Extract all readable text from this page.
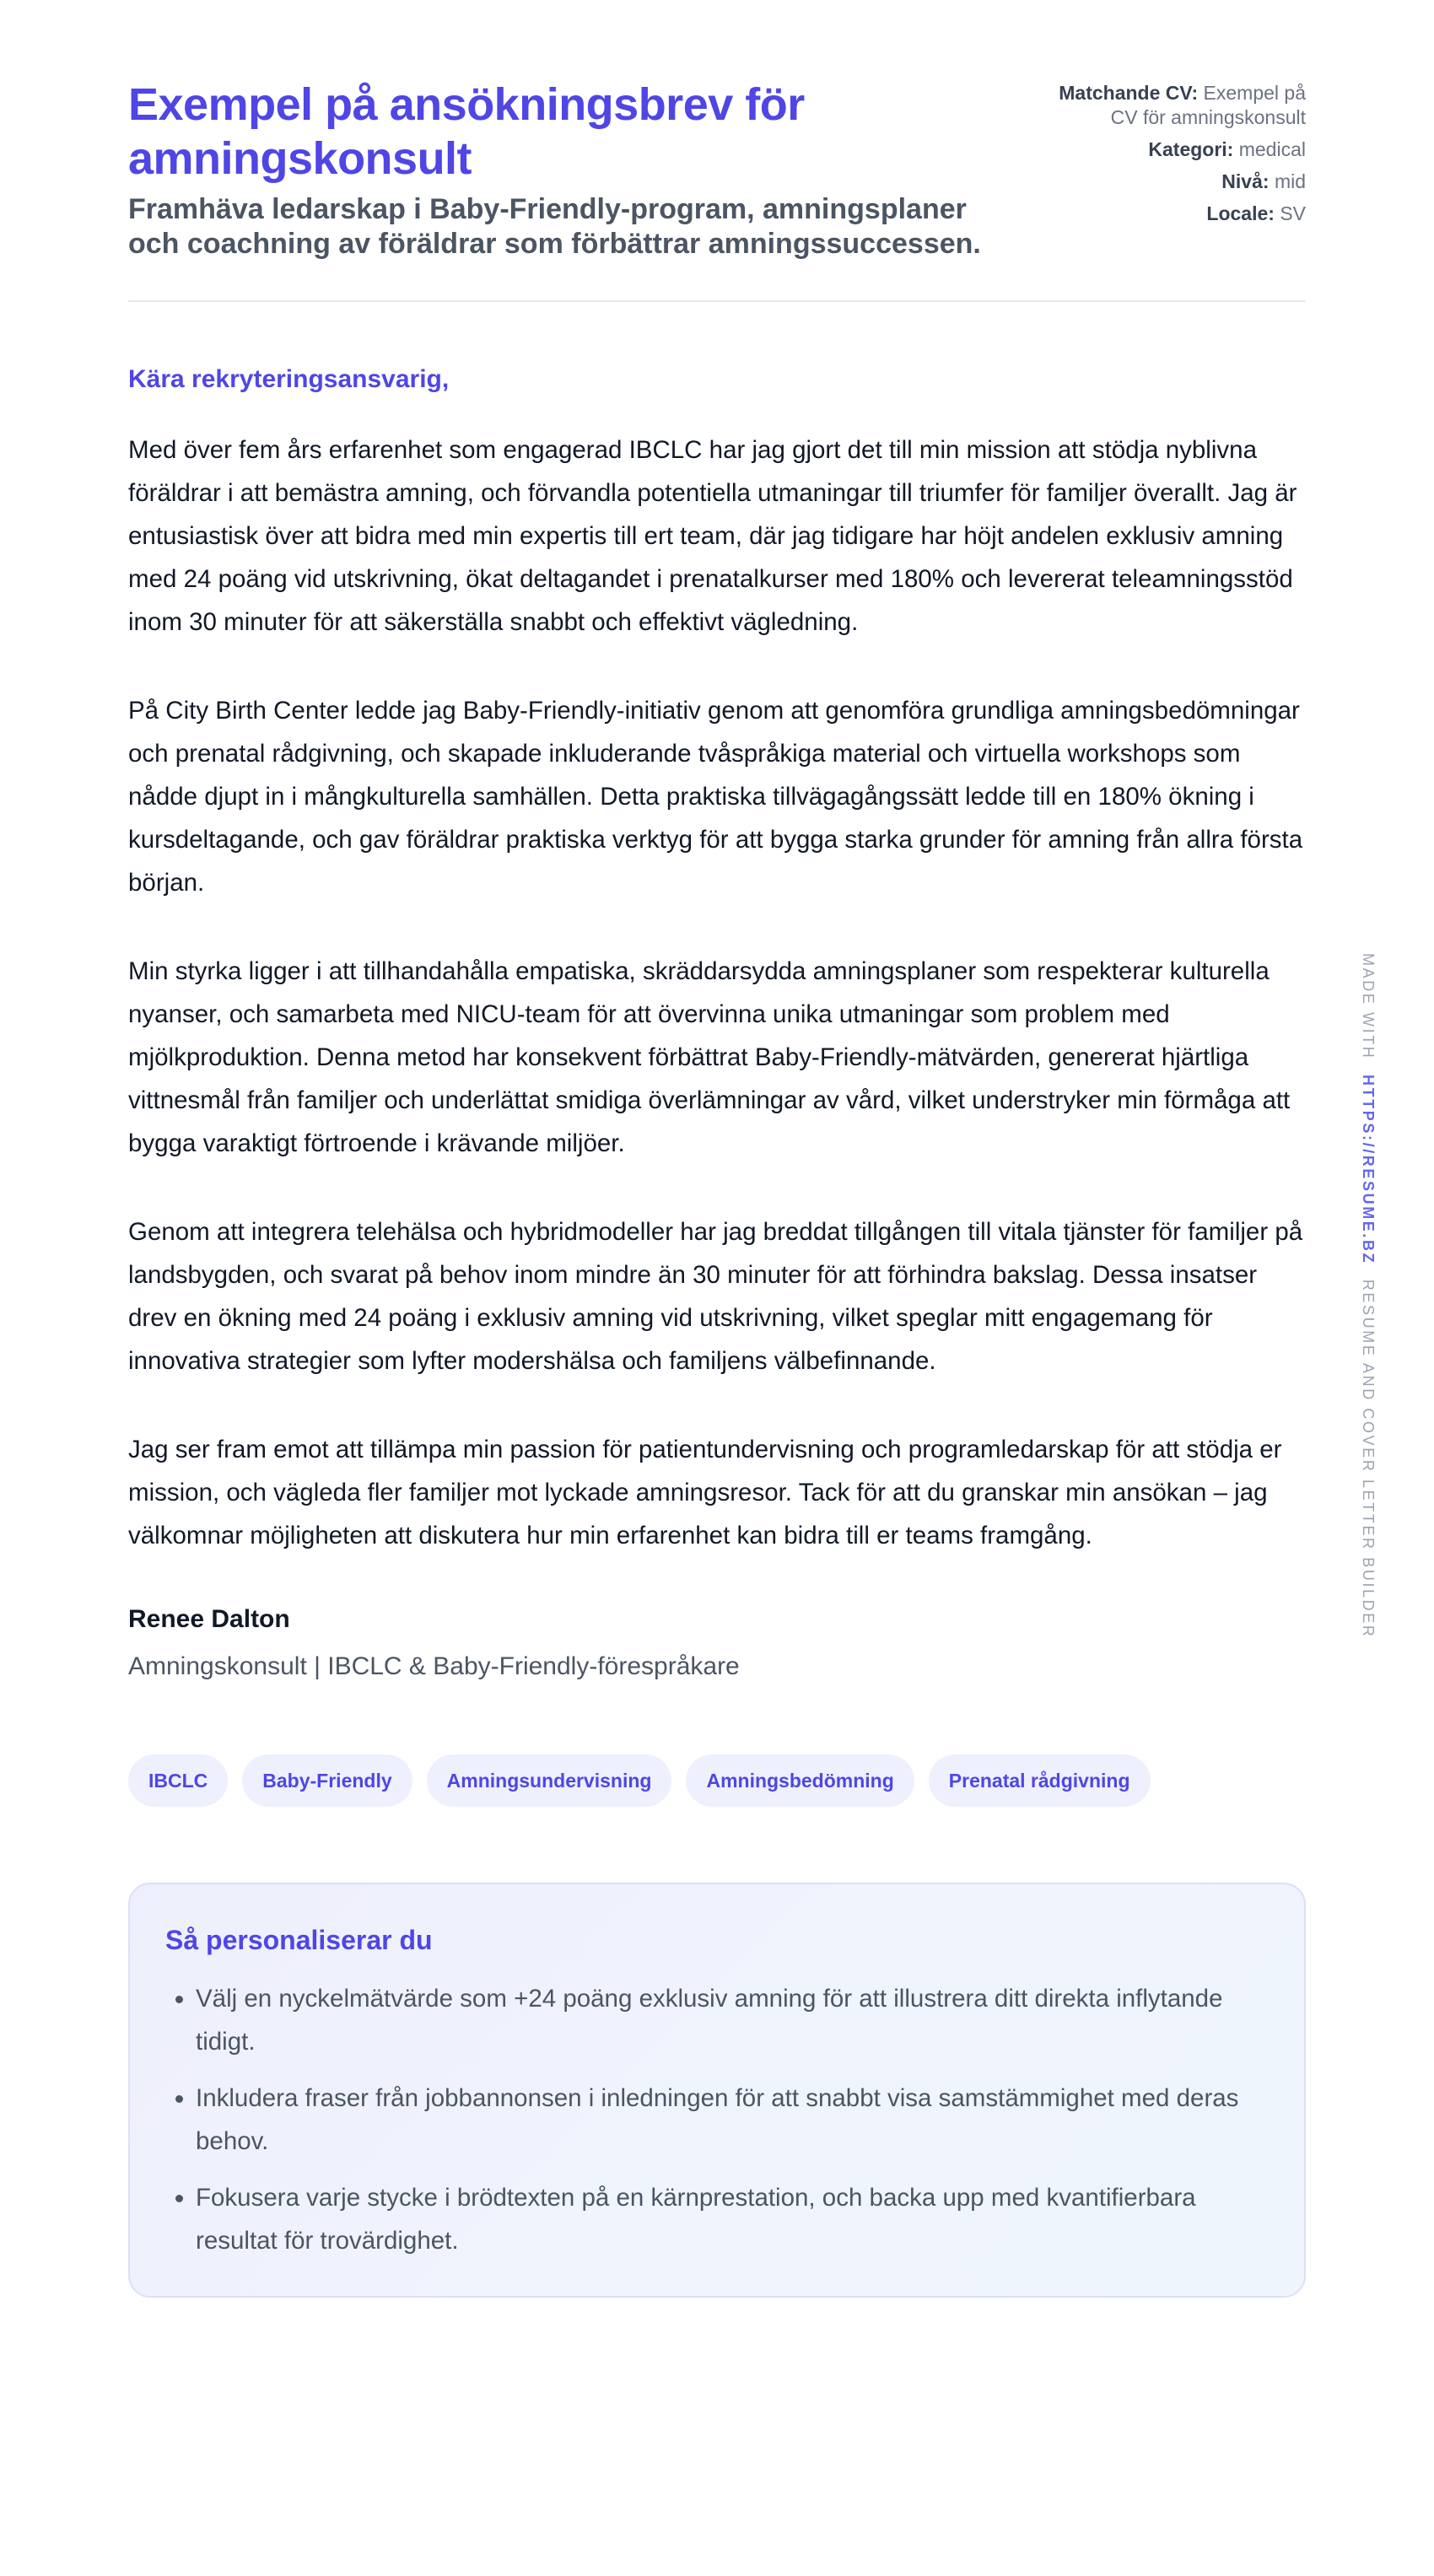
Exempel på ansökningsbrev för amningskonsult
Framhäva ledarskap i Baby-Friendly-program, amningsplaner och coachning av föräldrar som förbättrar amningssuccessen.
Matchande CV: Exempel på CV för amningskonsult
Kategori: medical
Nivå: mid
Locale: SV
Kära rekryteringsansvarig,

Med över fem års erfarenhet som engagerad IBCLC har jag gjort det till min mission att stödja nyblivna föräldrar i att bemästra amning, och förvandla potentiella utmaningar till triumfer för familjer överallt. Jag är entusiastisk över att bidra med min expertis till ert team, där jag tidigare har höjt andelen exklusiv amning med 24 poäng vid utskrivning, ökat deltagandet i prenatalkurser med 180% och levererat teleamningsstöd inom 30 minuter för att säkerställa snabbt och effektivt vägledning.

På City Birth Center ledde jag Baby-Friendly-initiativ genom att genomföra grundliga amningsbedömningar och prenatal rådgivning, och skapade inkluderande tvåspråkiga material och virtuella workshops som nådde djupt in i mångkulturella samhällen. Detta praktiska tillvägagångssätt ledde till en 180% ökning i kursdeltagande, och gav föräldrar praktiska verktyg för att bygga starka grunder för amning från allra första början.

Min styrka ligger i att tillhandahålla empatiska, skräddarsydda amningsplaner som respekterar kulturella nyanser, och samarbeta med NICU-team för att övervinna unika utmaningar som problem med mjölkproduktion. Denna metod har konsekvent förbättrat Baby-Friendly-mätvärden, genererat hjärtliga vittnesmål från familjer och underlättat smidiga överlämningar av vård, vilket understryker min förmåga att bygga varaktigt förtroende i krävande miljöer.

Genom att integrera telehälsa och hybridmodeller har jag breddat tillgången till vitala tjänster för familjer på landsbygden, och svarat på behov inom mindre än 30 minuter för att förhindra bakslag. Dessa insatser drev en ökning med 24 poäng i exklusiv amning vid utskrivning, vilket speglar mitt engagemang för innovativa strategier som lyfter modershälsa och familjens välbefinnande.

Jag ser fram emot att tillämpa min passion för patientundervisning och programledarskap för att stödja er mission, och vägleda fler familjer mot lyckade amningsresor. Tack för att du granskar min ansökan – jag välkomnar möjligheten att diskutera hur min erfarenhet kan bidra till er teams framgång.

Renee Dalton
Amningskonsult | IBCLC & Baby-Friendly-förespråkare
IBCLC	Baby-Friendly	Amningsundervisning	Amningsbedömning	Prenatal rådgivning
Så personaliserar du
• Välj en nyckelmätvärde som +24 poäng exklusiv amning för att illustrera ditt direkta inflytande tidigt.
• Inkludera fraser från jobbannonsen i inledningen för att snabbt visa samstämmighet med deras behov.
• Fokusera varje stycke i brödtexten på en kärnprestation, och backa upp med kvantifierbara resultat för trovärdighet.
MADE WITH HTTPS://RESUME.BZ RESUME AND COVER LETTER BUILDER
